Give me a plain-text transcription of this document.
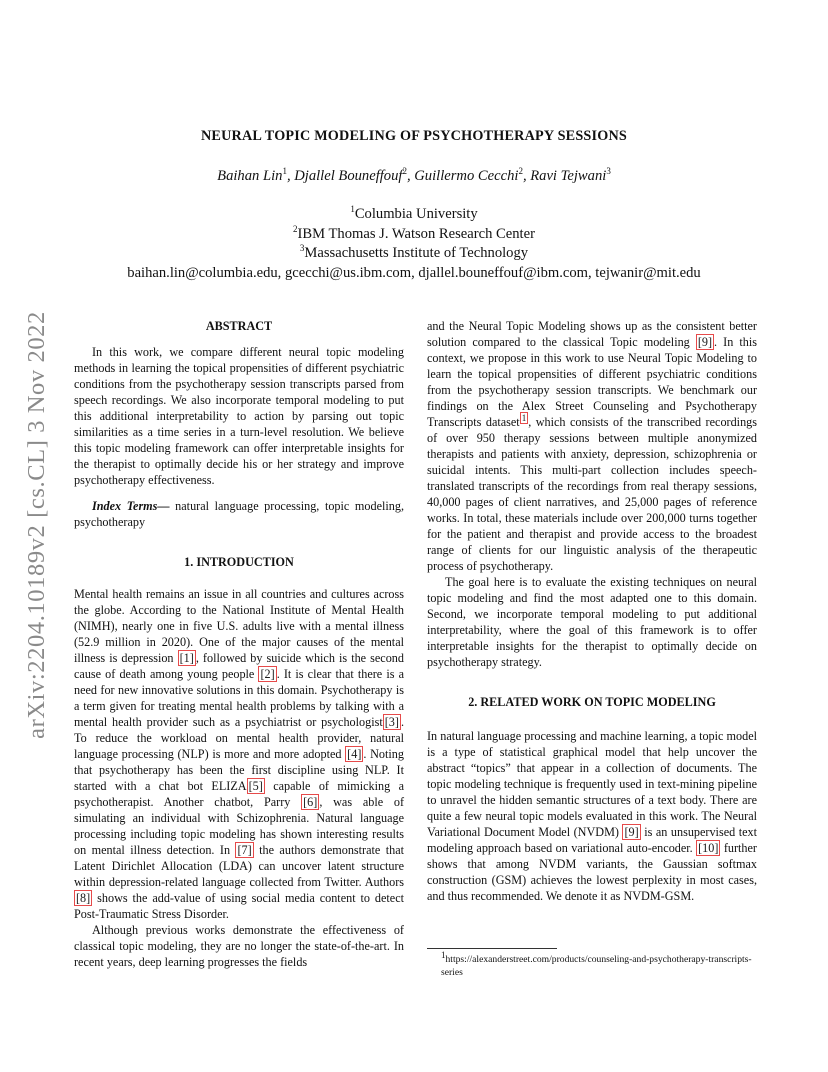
arXiv:2204.10189v2 [cs.CL] 3 Nov 2022
NEURAL TOPIC MODELING OF PSYCHOTHERAPY SESSIONS
Baihan Lin$^1$, Djallel Bouneffouf$^2$, Guillermo Cecchi$^2$, Ravi Tejwani$^3$
$^1$Columbia University
$^2$IBM Thomas J. Watson Research Center
$^3$Massachusetts Institute of Technology
baihan.lin@columbia.edu, gcecchi@us.ibm.com, djallel.bouneffouf@ibm.com, tejwanir@mit.edu
ABSTRACT

In this work, we compare different neural topic modeling methods in learning the topical propensities of different psychiatric conditions from the psychotherapy session transcripts parsed from speech recordings. We also incorporate temporal modeling to put this additional interpretability to action by parsing out topic similarities as a time series in a turn-level resolution. We believe this topic modeling framework can offer interpretable insights for the therapist to optimally decide his or her strategy and improve psychotherapy effectiveness.

Index Terms— natural language processing, topic modeling, psychotherapy

1. INTRODUCTION

Mental health remains an issue in all countries and cultures across the globe. According to the National Institute of Mental Health (NIMH), nearly one in five U.S. adults live with a mental illness (52.9 million in 2020). One of the major causes of the mental illness is depression [1] , followed by suicide which is the second cause of death among young people [2] . It is clear that there is a need for new innovative solutions in this domain. Psychotherapy is a term given for treating mental health problems by talking with a mental health provider such as a psychiatrist or psychologist [3] . To reduce the workload on mental health provider, natural language processing (NLP) is more and more adopted [4] . Noting that psychotherapy has been the first discipline using NLP. It started with a chat bot ELIZA [5] capable of mimicking a psychotherapist. Another chatbot, Parry [6] , was able of simulating an individual with Schizophrenia. Natural language processing including topic modeling has shown interesting results on mental illness detection. In [7] the authors demonstrate that Latent Dirichlet Allocation (LDA) can uncover latent structure within depression-related language collected from Twitter. Authors [8] shows the add-value of using social media content to detect Post-Traumatic Stress Disorder.

Although previous works demonstrate the effectiveness of classical topic modeling, they are no longer the state-of-the-art. In recent years, deep learning progresses the fields

and the Neural Topic Modeling shows up as the consistent better solution compared to the classical Topic modeling [9] . In this context, we propose in this work to use Neural Topic Modeling to learn the topical propensities of different psychiatric conditions from the psychotherapy session transcripts. We benchmark our findings on the Alex Street Counseling and Psychotherapy Transcripts dataset $^1$ , which consists of the transcribed recordings of over 950 therapy sessions between multiple anonymized therapists and patients with anxiety, depression, schizophrenia or suicidal intents. This multi-part collection includes speech-translated transcripts of the recordings from real therapy sessions, 40,000 pages of client narratives, and 25,000 pages of reference works. In total, these materials include over 200,000 turns together for the patient and therapist and provide access to the broadest range of clients for our linguistic analysis of the therapeutic process of psychotherapy.

The goal here is to evaluate the existing techniques on neural topic modeling and find the most adapted one to this domain. Second, we incorporate temporal modeling to put additional interpretability, where the goal of this framework is to offer interpretable insights for the therapist to optimally decide on psychotherapy strategy.

2. RELATED WORK ON TOPIC MODELING

In natural language processing and machine learning, a topic model is a type of statistical graphical model that help uncover the abstract “topics” that appear in a collection of documents. The topic modeling technique is frequently used in text-mining pipeline to unravel the hidden semantic structures of a text body. There are quite a few neural topic models evaluated in this work. The Neural Variational Document Model (NVDM) [9] is an unsupervised text modeling approach based on variational auto-encoder. [10] further shows that among NVDM variants, the Gaussian softmax construction (GSM) achieves the lowest perplexity in most cases, and thus recommended. We denote it as NVDM-GSM.

$^1$https://alexanderstreet.com/products/counseling-and-psychotherapy-transcripts-series
